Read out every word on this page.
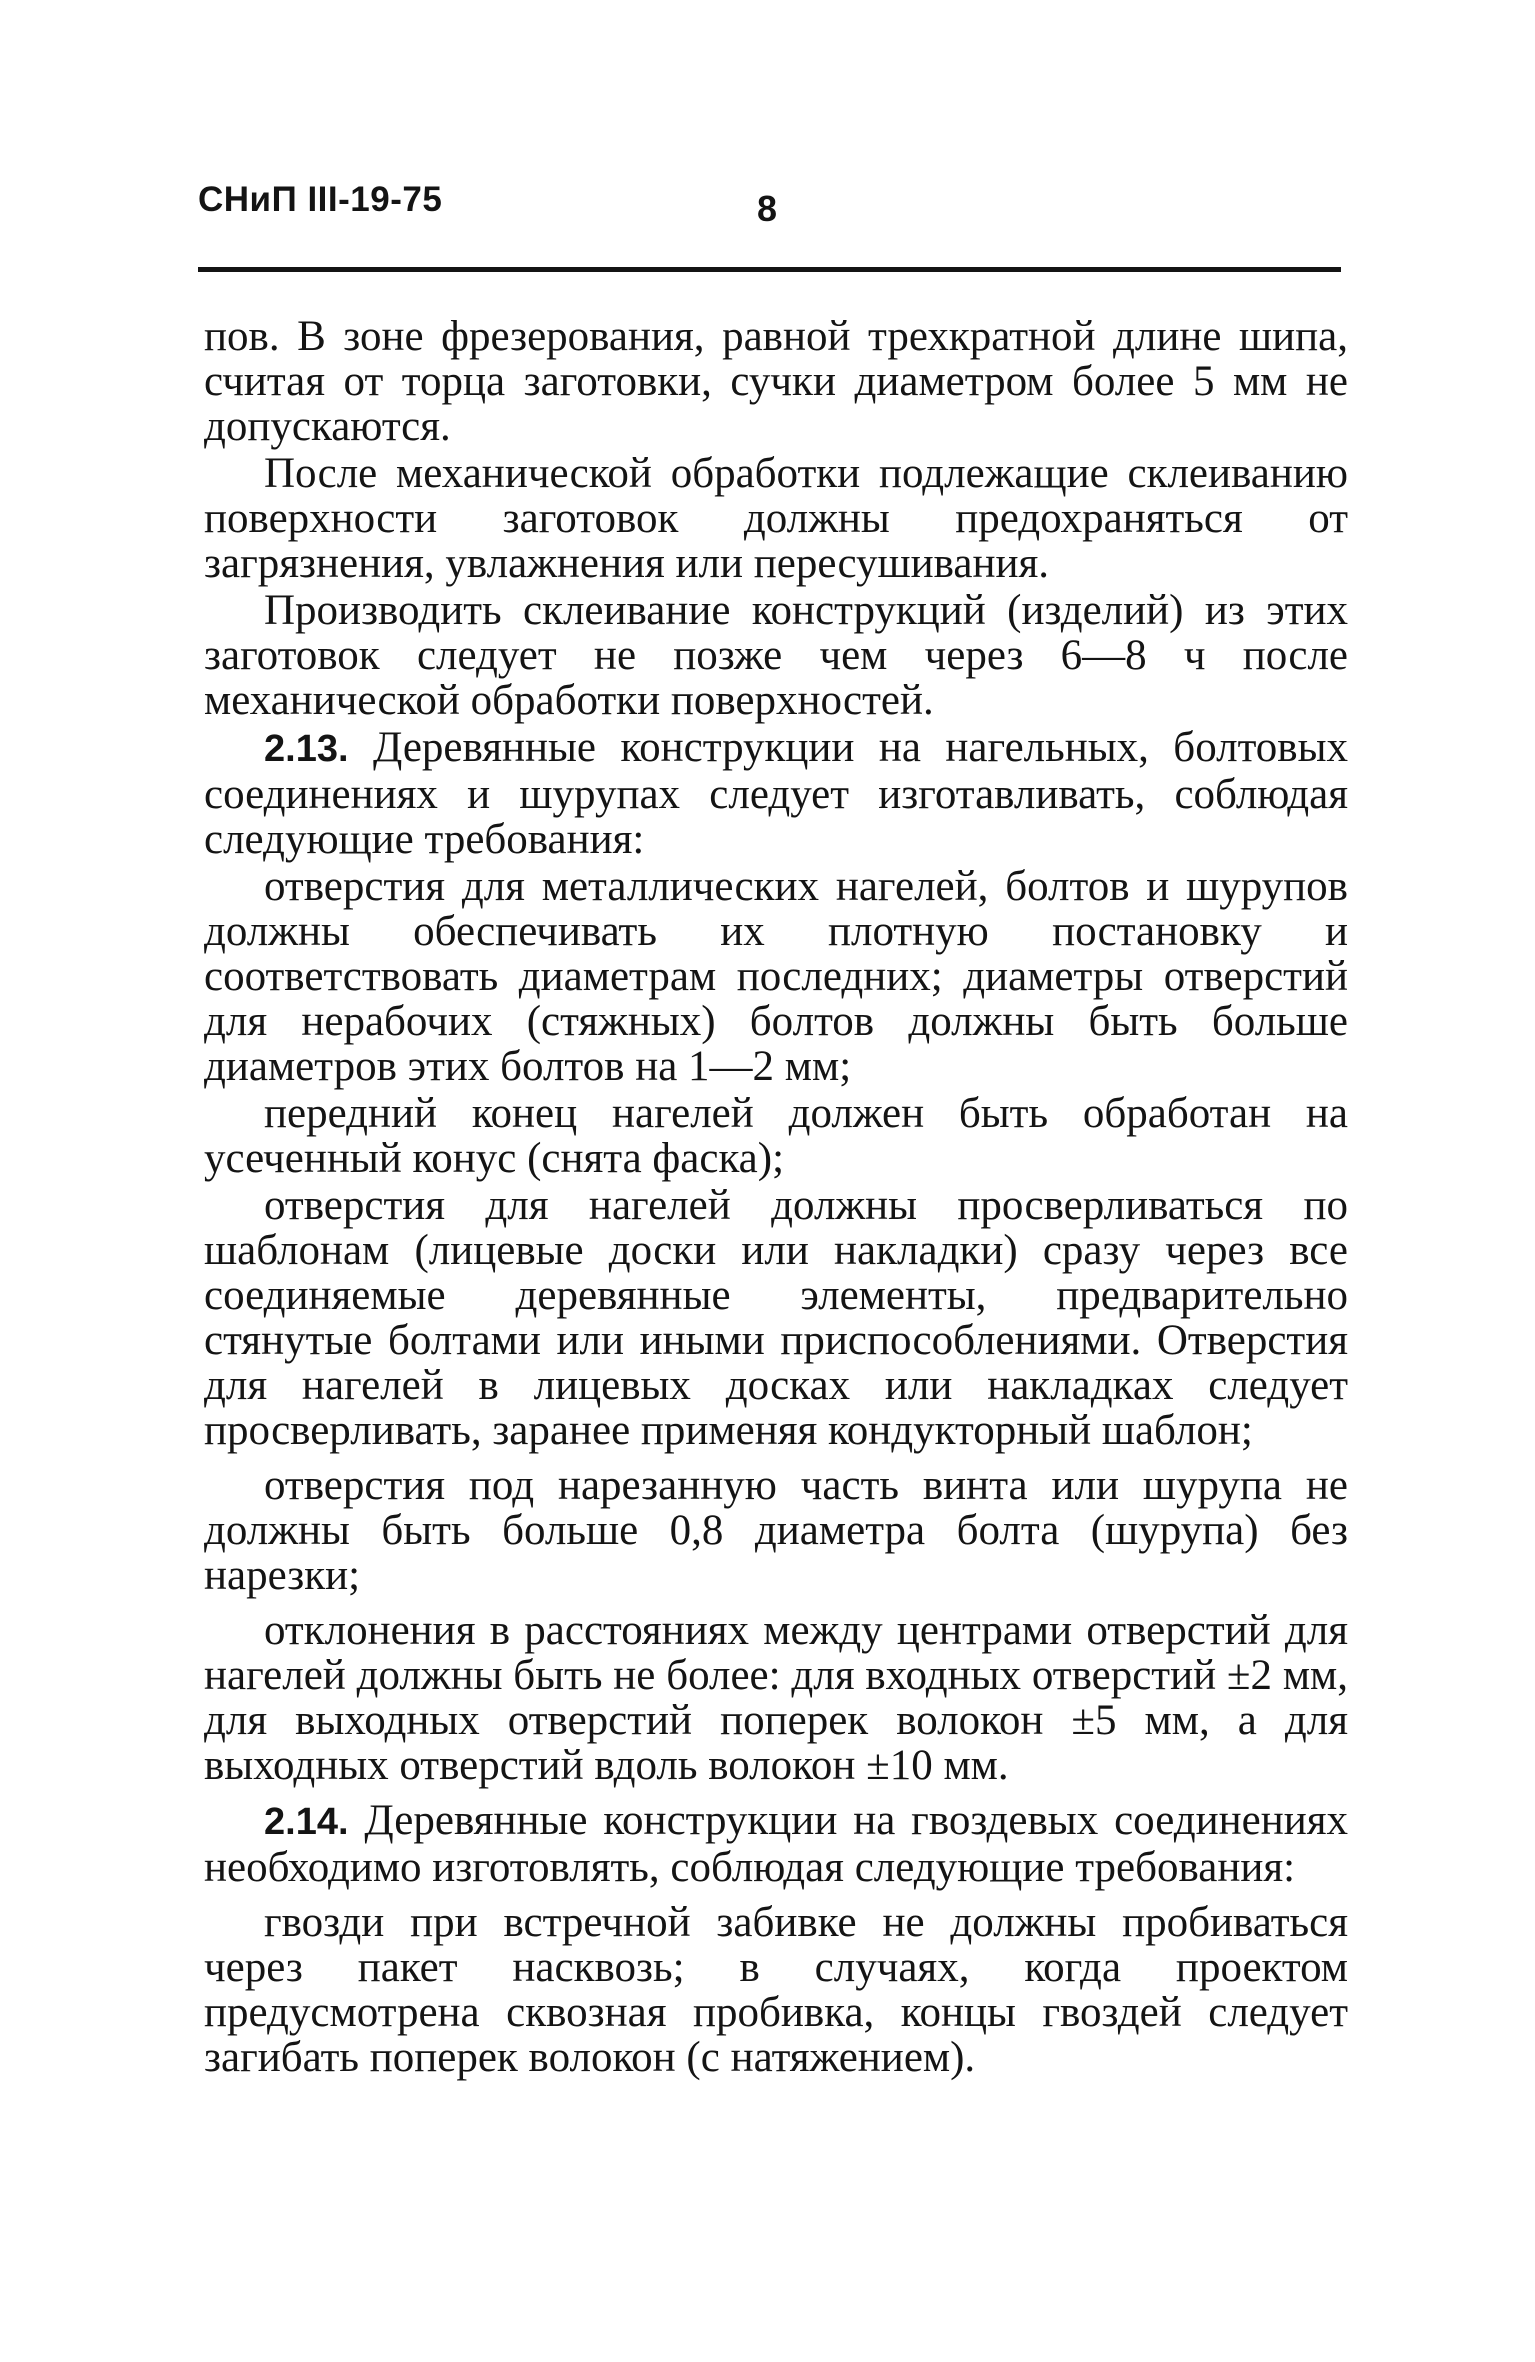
СНиП III-19-75	8

пов. В зоне фрезерования, равной трехкратной длине шипа, считая от торца заготовки, сучки диаметром более 5 мм не допускаются.

После механической обработки подлежащие склеиванию поверхности заготовок должны предохраняться от загрязнения, увлажнения или пересушивания.

Производить склеивание конструкций (изделий) из этих заготовок следует не позже чем через 6—8 ч после механической обработки поверхностей.

2.13. Деревянные конструкции на нагельных, болтовых соединениях и шурупах следует изготавливать, соблюдая следующие требования:

отверстия для металлических нагелей, болтов и шурупов должны обеспечивать их плотную постановку и соответствовать диаметрам последних; диаметры отверстий для нерабочих (стяжных) болтов должны быть больше диаметров этих болтов на 1—2 мм;

передний конец нагелей должен быть обработан на усеченный конус (снята фаска);

отверстия для нагелей должны просверливаться по шаблонам (лицевые доски или накладки) сразу через все соединяемые деревянные элементы, предварительно стянутые болтами или иными приспособлениями. Отверстия для нагелей в лицевых досках или накладках следует просверливать, заранее применяя кондукторный шаблон;

отверстия под нарезанную часть винта или шурупа не должны быть больше 0,8 диаметра болта (шурупа) без нарезки;

отклонения в расстояниях между центрами отверстий для нагелей должны быть не более: для входных отверстий ±2 мм, для выходных отверстий поперек волокон ±5 мм, а для выходных отверстий вдоль волокон ±10 мм.

2.14. Деревянные конструкции на гвоздевых соединениях необходимо изготовлять, соблюдая следующие требования:

гвозди при встречной забивке не должны пробиваться через пакет насквозь; в случаях, когда проектом предусмотрена сквозная пробивка, концы гвоздей следует загибать поперек волокон (с натяжением).
